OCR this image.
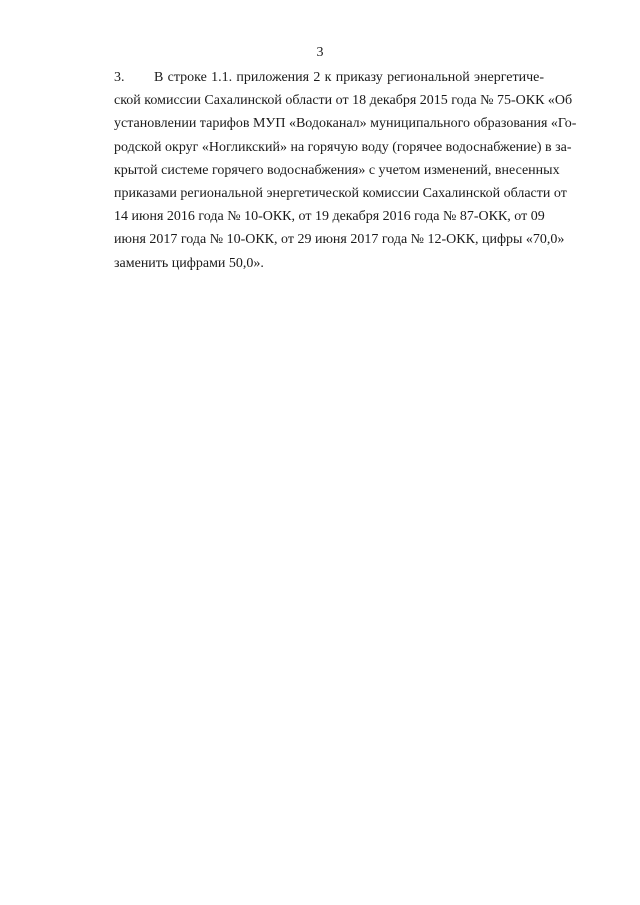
3
3. В строке 1.1. приложения 2 к приказу региональной энергетиче-
ской комиссии Сахалинской области от 18 декабря 2015 года № 75-ОКК «Об
установлении тарифов МУП «Водоканал» муниципального образования «Го-
родской округ «Ногликский» на горячую воду (горячее водоснабжение) в за-
крытой системе горячего водоснабжения» с учетом изменений, внесенных
приказами региональной энергетической комиссии Сахалинской области от
14 июня 2016 года № 10-ОКК, от 19 декабря 2016 года № 87-ОКК, от 09
июня 2017 года № 10-ОКК, от 29 июня 2017 года № 12-ОКК, цифры «70,0»
заменить цифрами 50,0».
